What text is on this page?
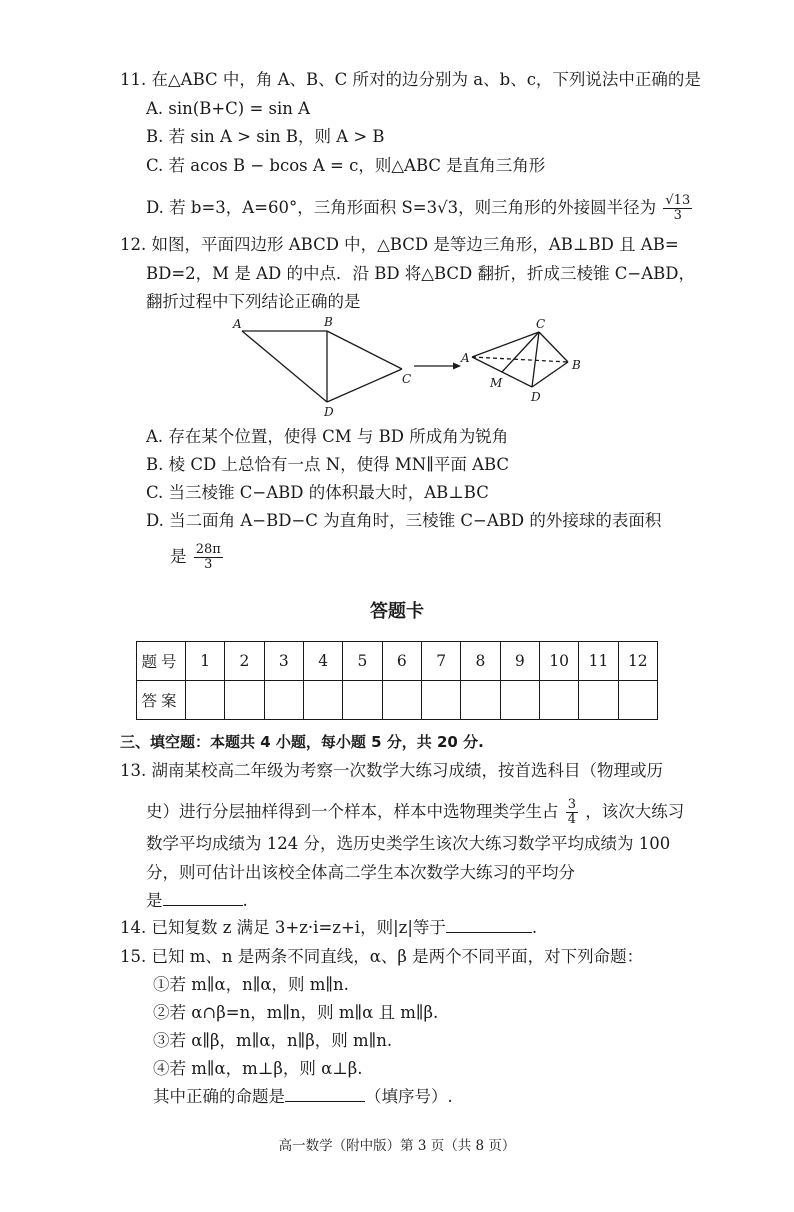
11. 在△ABC 中，角 A、B、C 所对的边分别为 a、b、c，下列说法中正确的是
A. sin(B+C) = sin A
B. 若 sin A > sin B，则 A > B
C. 若 acos B − bcos A = c，则△ABC 是直角三角形
D. 若 b=3，A=60°，三角形面积 S=3√3，则三角形的外接圆半径为 $\frac{√13}{3}$
12. 如图，平面四边形 ABCD 中，△BCD 是等边三角形，AB⊥BD 且 AB=
BD=2，M 是 AD 的中点．沿 BD 将△BCD 翻折，折成三棱锥 C−ABD，
翻折过程中下列结论正确的是
A	B
C
D
A
C
B
M
D
A. 存在某个位置，使得 CM 与 BD 所成角为锐角
B. 棱 CD 上总恰有一点 N，使得 MN∥平面 ABC
C. 当三棱锥 C−ABD 的体积最大时，AB⊥BC
D. 当二面角 A−BD−C 为直角时，三棱锥 C−ABD 的外接球的表面积
是 $\frac{28\pi}{3}$
答题卡
题号	1	2	3	4	5	6	7	8	9	10	11	12
答案												
三、填空题：本题共 4 小题，每小题 5 分，共 20 分.
13. 湖南某校高二年级为考察一次数学大练习成绩，按首选科目（物理或历
史）进行分层抽样得到一个样本，样本中选物理类学生占 $\frac{3}{4}$ ，该次大练习
数学平均成绩为 124 分，选历史类学生该次大练习数学平均成绩为 100
分，则可估计出该校全体高二学生本次数学大练习的平均分
是	.
14. 已知复数 z 满足 3+z·i=z+i，则|z|等于	.
15. 已知 m、n 是两条不同直线，α、β 是两个不同平面，对下列命题：
①若 m∥α，n∥α，则 m∥n.
②若 α∩β=n，m∥n，则 m∥α 且 m∥β.
③若 α∥β，m∥α，n∥β，则 m∥n.
④若 m∥α，m⊥β，则 α⊥β.
其中正确的命题是	（填序号）.
高一数学（附中版）第 3 页（共 8 页）
